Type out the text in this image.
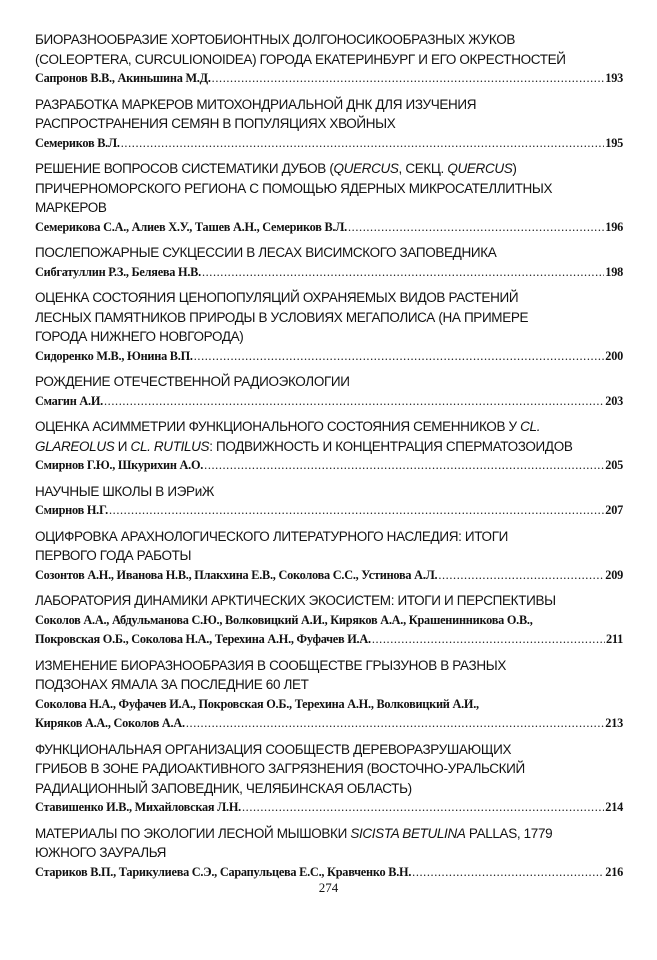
БИОРАЗНООБРАЗИЕ ХОРТОБИОНТНЫХ ДОЛГОНОСИКООБРАЗНЫХ ЖУКОВ
(COLEOPTERA, CURCULIONOIDEA) ГОРОДА ЕКАТЕРИНБУРГ И ЕГО ОКРЕСТНОСТЕЙ
Сапронов В.В., Акиньшина М.Д. .....	193
РАЗРАБОТКА МАРКЕРОВ МИТОХОНДРИАЛЬНОЙ ДНК ДЛЯ ИЗУЧЕНИЯ
РАСПРОСТРАНЕНИЯ СЕМЯН В ПОПУЛЯЦИЯХ ХВОЙНЫХ
Семериков В.Л. .....	195
РЕШЕНИЕ ВОПРОСОВ СИСТЕМАТИКИ ДУБОВ (QUERCUS, СЕКЦ. QUERCUS)
ПРИЧЕРНОМОРСКОГО РЕГИОНА С ПОМОЩЬЮ ЯДЕРНЫХ МИКРОСАТЕЛЛИТНЫХ
МАРКЕРОВ
Семерикова С.А., Алиев Х.У., Ташев А.Н., Семериков В.Л. .....	196
ПОСЛЕПОЖАРНЫЕ СУКЦЕССИИ В ЛЕСАХ ВИСИМСКОГО ЗАПОВЕДНИКА
Сибгатуллин Р.З., Беляева Н.В. .....	198
ОЦЕНКА СОСТОЯНИЯ ЦЕНОПОПУЛЯЦИЙ ОХРАНЯЕМЫХ ВИДОВ РАСТЕНИЙ
ЛЕСНЫХ ПАМЯТНИКОВ ПРИРОДЫ В УСЛОВИЯХ МЕГАПОЛИСА (НА ПРИМЕРЕ
ГОРОДА НИЖНЕГО НОВГОРОДА)
Сидоренко М.В., Юнина В.П. .....	200
РОЖДЕНИЕ ОТЕЧЕСТВЕННОЙ РАДИОЭКОЛОГИИ
Смагин А.И. .....	203
ОЦЕНКА АСИММЕТРИИ ФУНКЦИОНАЛЬНОГО СОСТОЯНИЯ СЕМЕННИКОВ У CL.
GLAREOLUS И CL. RUTILUS: ПОДВИЖНОСТЬ И КОНЦЕНТРАЦИЯ СПЕРМАТОЗОИДОВ
Смирнов Г.Ю., Шкурихин А.О. .....	205
НАУЧНЫЕ ШКОЛЫ В ИЭРиЖ
Смирнов Н.Г. .....	207
ОЦИФРОВКА АРАХНОЛОГИЧЕСКОГО ЛИТЕРАТУРНОГО НАСЛЕДИЯ: ИТОГИ
ПЕРВОГО ГОДА РАБОТЫ
Созонтов А.Н., Иванова Н.В., Плакхина Е.В., Соколова С.С., Устинова А.Л. .....	209
ЛАБОРАТОРИЯ ДИНАМИКИ АРКТИЧЕСКИХ ЭКОСИСТЕМ: ИТОГИ И ПЕРСПЕКТИВЫ
Соколов А.А., Абдульманова С.Ю., Волковицкий А.И., Киряков А.А., Крашенинникова О.В.,
Покровская О.Б., Соколова Н.А., Терехина А.Н., Фуфачев И.А. .....	211
ИЗМЕНЕНИЕ БИОРАЗНООБРАЗИЯ В СООБЩЕСТВЕ ГРЫЗУНОВ В РАЗНЫХ
ПОДЗОНАХ ЯМАЛА ЗА ПОСЛЕДНИЕ 60 ЛЕТ
Соколова Н.А., Фуфачев И.А., Покровская О.Б., Терехина А.Н., Волковицкий А.И.,
Киряков А.А., Соколов А.А. .....	213
ФУНКЦИОНАЛЬНАЯ ОРГАНИЗАЦИЯ СООБЩЕСТВ ДЕРЕВОРАЗРУШАЮЩИХ
ГРИБОВ В ЗОНЕ РАДИОАКТИВНОГО ЗАГРЯЗНЕНИЯ (ВОСТОЧНО-УРАЛЬСКИЙ
РАДИАЦИОННЫЙ ЗАПОВЕДНИК, ЧЕЛЯБИНСКАЯ ОБЛАСТЬ)
Ставишенко И.В., Михайловская Л.Н. .....	214
МАТЕРИАЛЫ ПО ЭКОЛОГИИ ЛЕСНОЙ МЫШОВКИ SICISTA BETULINA PALLAS, 1779
ЮЖНОГО ЗАУРАЛЬЯ
Стариков В.П., Тарикулиева С.Э., Сарапульцева Е.С., Кравченко В.Н. .....	216
274
